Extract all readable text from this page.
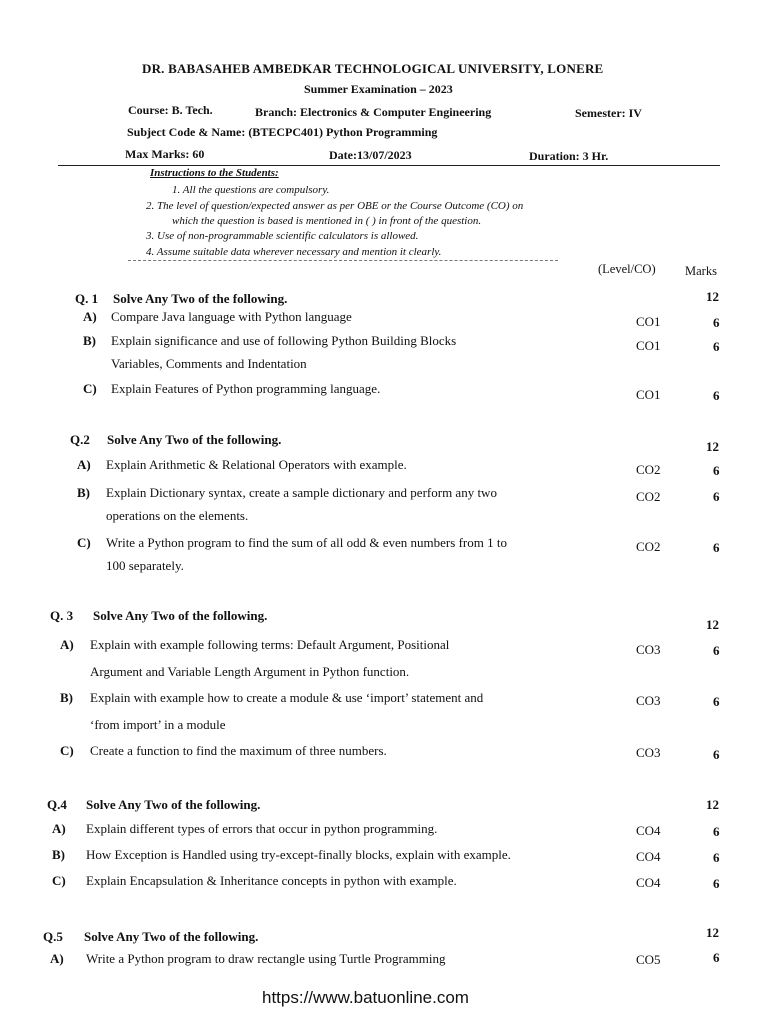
DR. BABASAHEB AMBEDKAR TECHNOLOGICAL UNIVERSITY, LONERE
Summer Examination – 2023
Course: B. Tech.	Branch: Electronics & Computer Engineering	Semester: IV
Subject Code & Name: (BTECPC401) Python Programming
Max Marks: 60	Date:13/07/2023	Duration: 3 Hr.
Instructions to the Students:
1. All the questions are compulsory.
2. The level of question/expected answer as per OBE or the Course Outcome (CO) on
which the question is based is mentioned in ( ) in front of the question.
3. Use of non-programmable scientific calculators is allowed.
4. Assume suitable data wherever necessary and mention it clearly.
(Level/CO) Marks
Q. 1 Solve Any Two of the following.	12
A) Compare Java language with Python language	CO1	6
B) Explain significance and use of following Python Building Blocks
Variables, Comments and Indentation
CO1	6
C) Explain Features of Python programming language.	CO1	6
Q.2 Solve Any Two of the following.	12
A) Explain Arithmetic & Relational Operators with example.	CO2	6
B) Explain Dictionary syntax, create a sample dictionary and perform any two
operations on the elements.
CO2	6
C) Write a Python program to find the sum of all odd & even numbers from 1 to
100 separately.
CO2	6
Q. 3 Solve Any Two of the following.
12
A) Explain with example following terms: Default Argument, Positional
Argument and Variable Length Argument in Python function.
CO3	6
B) Explain with example how to create a module & use ‘import’ statement and
‘from import’ in a module
CO3	6
C) Create a function to find the maximum of three numbers.	CO3	6
Q.4 Solve Any Two of the following.	12
A) Explain different types of errors that occur in python programming.	CO4	6
B) How Exception is Handled using try-except-finally blocks, explain with example.	CO4	6
C) Explain Encapsulation & Inheritance concepts in python with example.	CO4	6
Q.5 Solve Any Two of the following.	12
A) Write a Python program to draw rectangle using Turtle Programming	CO5	6
https://www.batuonline.com
